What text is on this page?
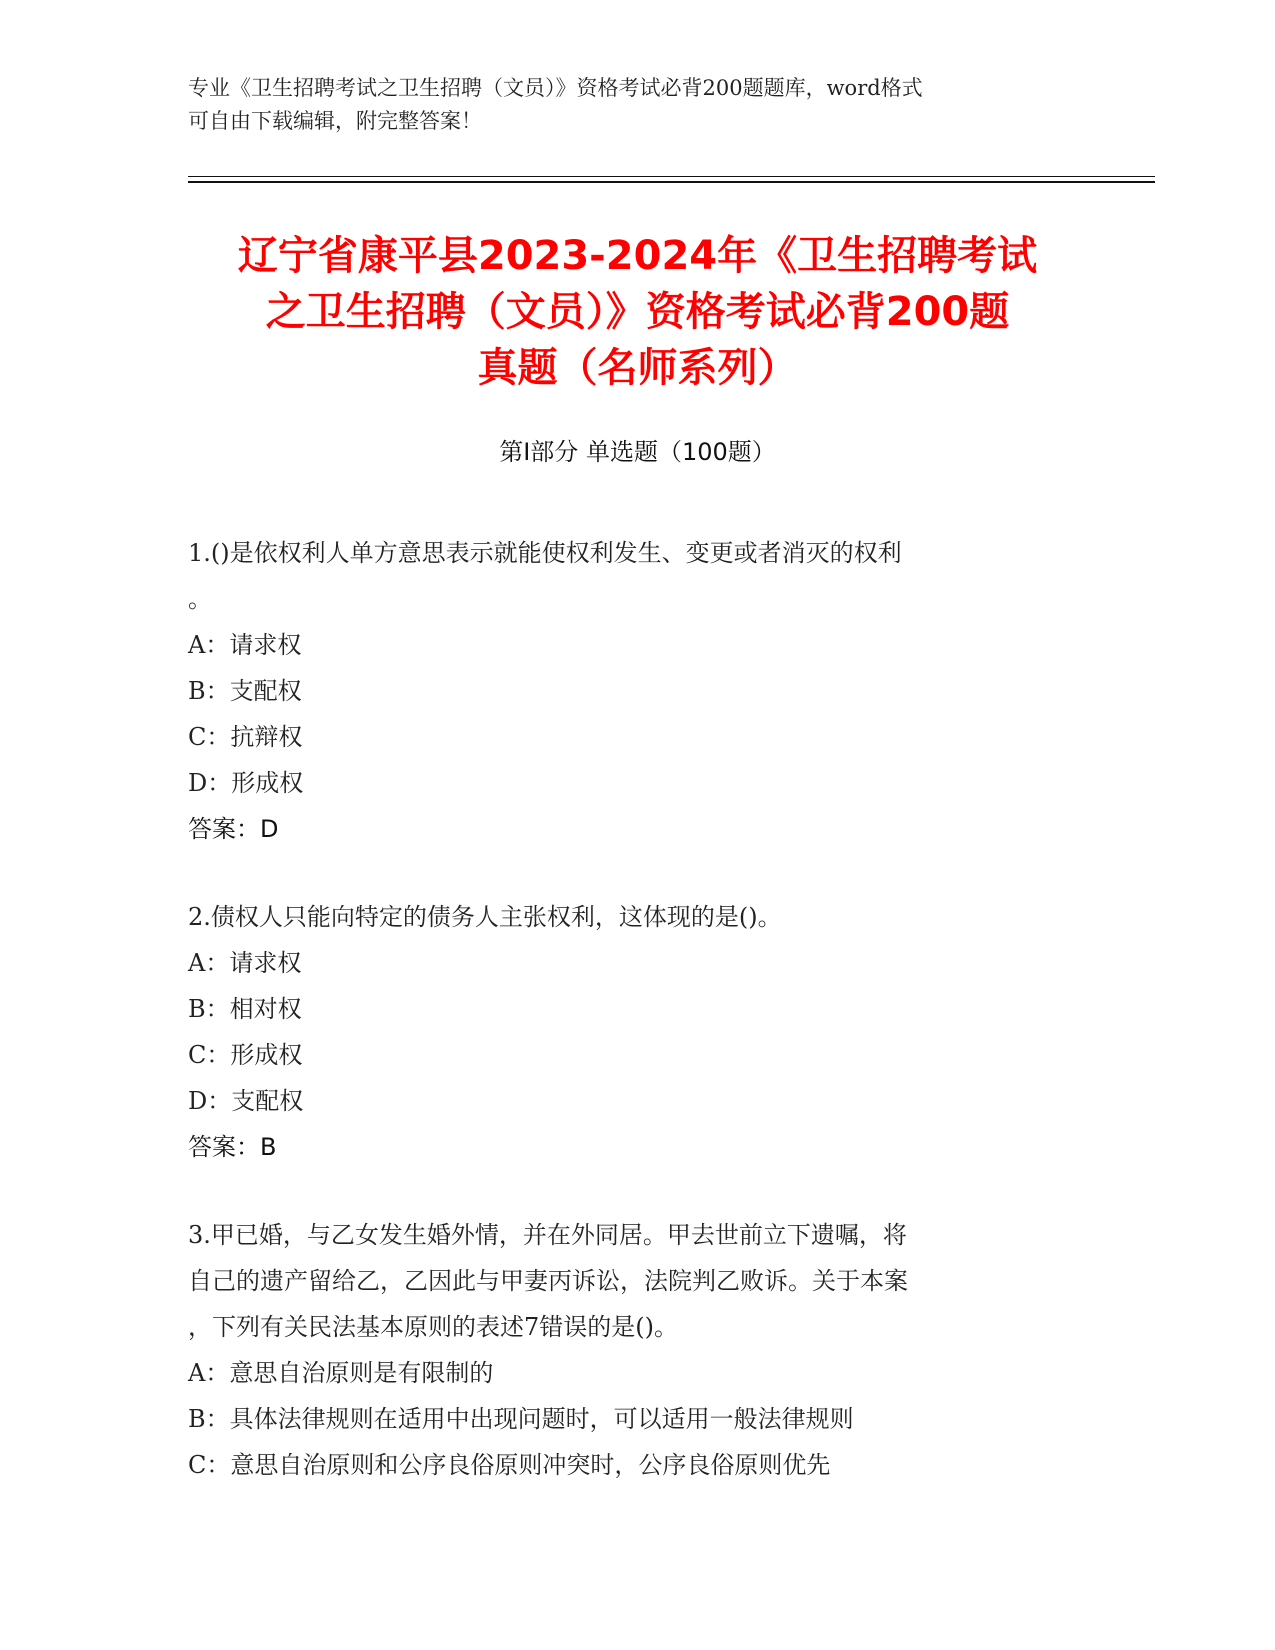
专业《卫生招聘考试之卫生招聘（文员）》资格考试必背200题题库，word格式
可自由下载编辑，附完整答案！
辽宁省康平县2023-2024年《卫生招聘考试
之卫生招聘（文员）》资格考试必背200题
真题（名师系列）
第Ⅰ部分 单选题（100题）
1.()是依权利人单方意思表示就能使权利发生、变更或者消灭的权利
。
A：请求权
B：支配权
C：抗辩权
D：形成权
答案：D
2.债权人只能向特定的债务人主张权利，这体现的是()。
A：请求权
B：相对权
C：形成权
D：支配权
答案：B
3.甲已婚，与乙女发生婚外情，并在外同居。甲去世前立下遗嘱，将
自己的遗产留给乙，乙因此与甲妻丙诉讼，法院判乙败诉。关于本案
，下列有关民法基本原则的表述7错误的是()。
A：意思自治原则是有限制的
B：具体法律规则在适用中出现问题时，可以适用一般法律规则
C：意思自治原则和公序良俗原则冲突时，公序良俗原则优先
